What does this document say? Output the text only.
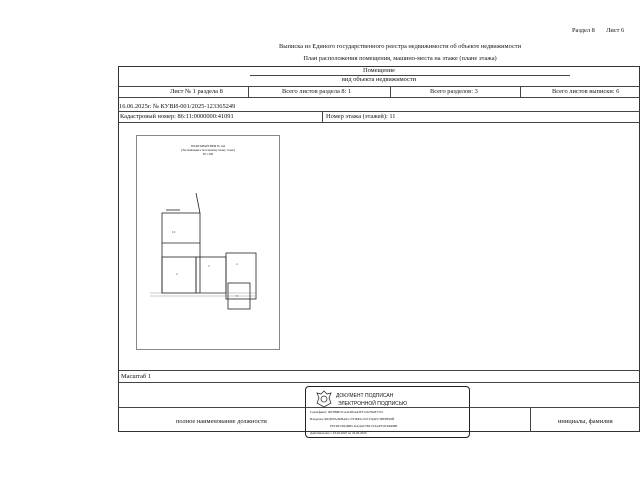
Раздел 8 Лист 6
Выписка из Единого государственного реестра недвижимости об объекте недвижимости
План расположения помещения, машино-места на этаже (плане этажа)
Помещение
вид объекта недвижимости
Лист № 1 раздела 8	Всего листов раздела 8: 1	Всего разделов: 3	Всего листов выписки: 6
16.06.2025г. № КУВИ-001/2025-123365249
Кадастровый номер: 86:11:0000000:41091	Номер этажа (этажей): 11
ПЛАН КВАРТИРЫ № 144
(Экспликация к поэтажному плану этажа)
М 1:100
13
2
3	4
5
Масштаб 1
ДОКУМЕНТ ПОДПИСАН
ЭЛЕКТРОННОЙ ПОДПИСЬЮ
Сертификат: 00F0B8E3CA4CDDA43FF1222596E7555
Владелец: ФЕДЕРАЛЬНАЯ СЛУЖБА ГОСУДАРСТВЕННОЙ
РЕГИСТРАЦИИ, КАДАСТРА И КАРТОГРАФИИ
Действителен: с 03.04.2025 по 26.06.2026
полное наименование должности	инициалы, фамилия
